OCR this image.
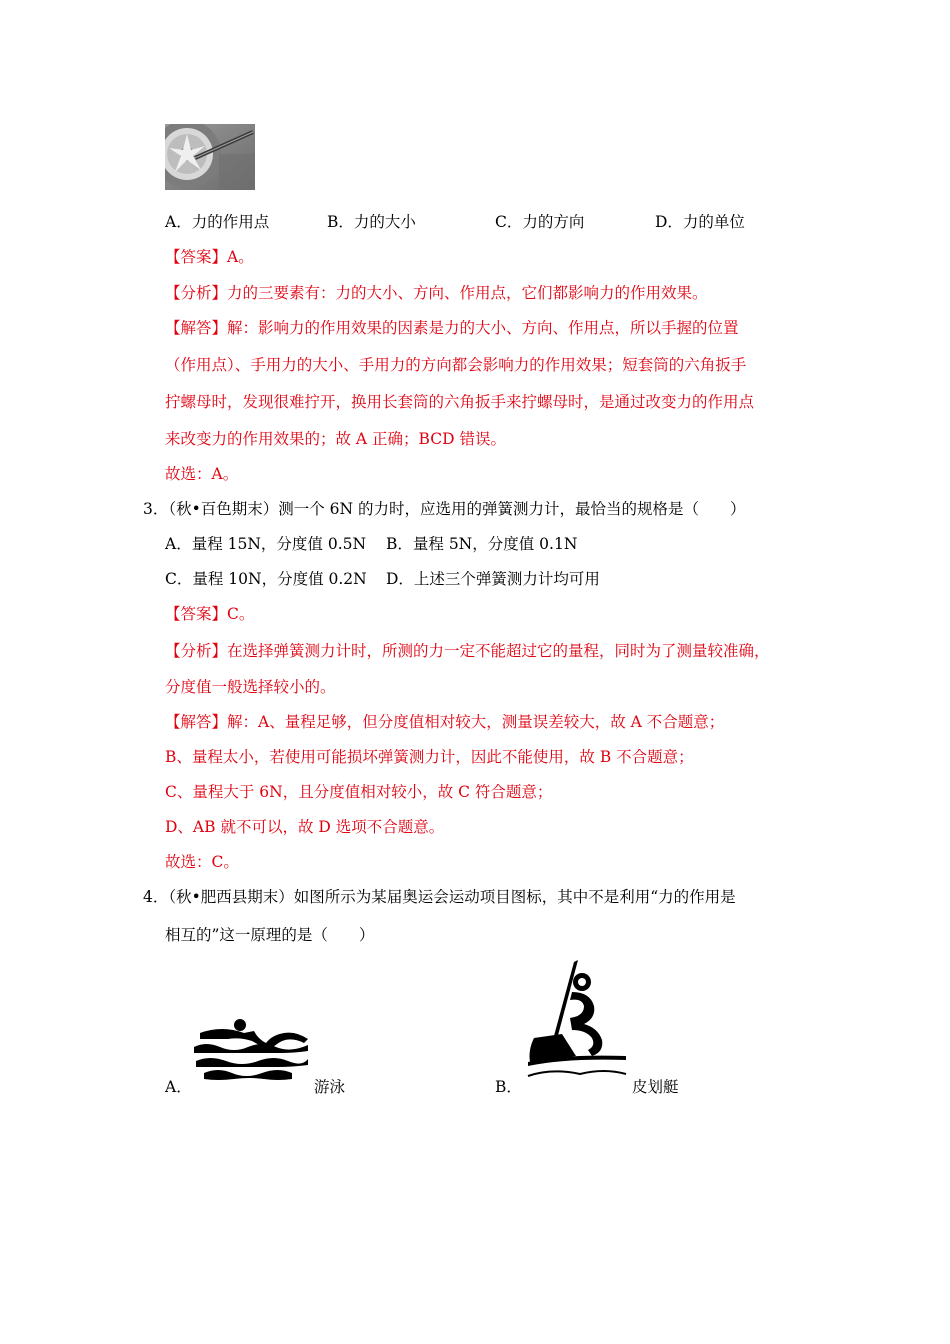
A．力的作用点	B．力的大小	C．力的方向	D．力的单位
【答案】A。
【分析】力的三要素有：力的大小、方向、作用点，它们都影响力的作用效果。
【解答】解：影响力的作用效果的因素是力的大小、方向、作用点，所以手握的位置
（作用点）、手用力的大小、手用力的方向都会影响力的作用效果；短套筒的六角扳手
拧螺母时，发现很难拧开，换用长套筒的六角扳手来拧螺母时，是通过改变力的作用点
来改变力的作用效果的；故 A 正确；BCD 错误。
故选：A。
3．（秋•百色期末）测一个 6N 的力时，应选用的弹簧测力计，最恰当的规格是（　　）
A．量程 15N，分度值 0.5N B．量程 5N，分度值 0.1N
C．量程 10N，分度值 0.2N D．上述三个弹簧测力计均可用
【答案】C。
【分析】在选择弹簧测力计时，所测的力一定不能超过它的量程，同时为了测量较准确，
分度值一般选择较小的。
【解答】解：A、量程足够，但分度值相对较大，测量误差较大，故 A 不合题意；
B、量程太小，若使用可能损坏弹簧测力计，因此不能使用，故 B 不合题意；
C、量程大于 6N，且分度值相对较小，故 C 符合题意；
D、AB 就不可以，故 D 选项不合题意。
故选：C。
4．（秋•肥西县期末）如图所示为某届奥运会运动项目图标，其中不是利用“力的作用是
相互的”这一原理的是（　　）
A．	游泳	B．	皮划艇
